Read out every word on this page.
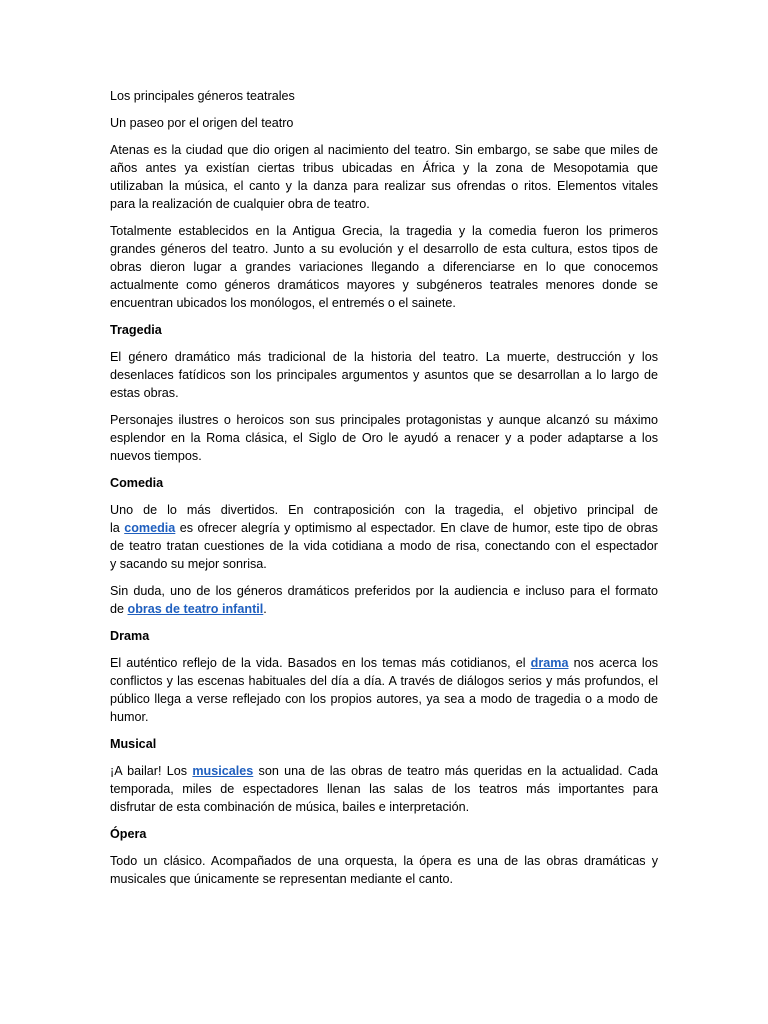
Los principales géneros teatrales
Un paseo por el origen del teatro
Atenas es la ciudad que dio origen al nacimiento del teatro. Sin embargo, se sabe que miles de
años antes ya existían ciertas tribus ubicadas en África y la zona de Mesopotamia que
utilizaban la música, el canto y la danza para realizar sus ofrendas o ritos. Elementos vitales
para la realización de cualquier obra de teatro.
Totalmente establecidos en la Antigua Grecia, la tragedia y la comedia fueron los primeros
grandes géneros del teatro. Junto a su evolución y el desarrollo de esta cultura, estos tipos de
obras dieron lugar a grandes variaciones llegando a diferenciarse en lo que conocemos
actualmente como géneros dramáticos mayores y subgéneros teatrales menores donde se
encuentran ubicados los monólogos, el entremés o el sainete.
Tragedia
El género dramático más tradicional de la historia del teatro. La muerte, destrucción y los
desenlaces fatídicos son los principales argumentos y asuntos que se desarrollan a lo largo de
estas obras.
Personajes ilustres o heroicos son sus principales protagonistas y aunque alcanzó su máximo
esplendor en la Roma clásica, el Siglo de Oro le ayudó a renacer y a poder adaptarse a los
nuevos tiempos.
Comedia
Uno de lo más divertidos. En contraposición con la tragedia, el objetivo principal de
la comedia es ofrecer alegría y optimismo al espectador. En clave de humor, este tipo de obras
de teatro tratan cuestiones de la vida cotidiana a modo de risa, conectando con el espectador
y sacando su mejor sonrisa.
Sin duda, uno de los géneros dramáticos preferidos por la audiencia e incluso para el formato
de obras de teatro infantil.
Drama
El auténtico reflejo de la vida. Basados en los temas más cotidianos, el drama nos acerca los
conflictos y las escenas habituales del día a día. A través de diálogos serios y más profundos, el
público llega a verse reflejado con los propios autores, ya sea a modo de tragedia o a modo de
humor.
Musical
¡A bailar! Los musicales son una de las obras de teatro más queridas en la actualidad. Cada
temporada, miles de espectadores llenan las salas de los teatros más importantes para
disfrutar de esta combinación de música, bailes e interpretación.
Ópera
Todo un clásico. Acompañados de una orquesta, la ópera es una de las obras dramáticas y
musicales que únicamente se representan mediante el canto.
